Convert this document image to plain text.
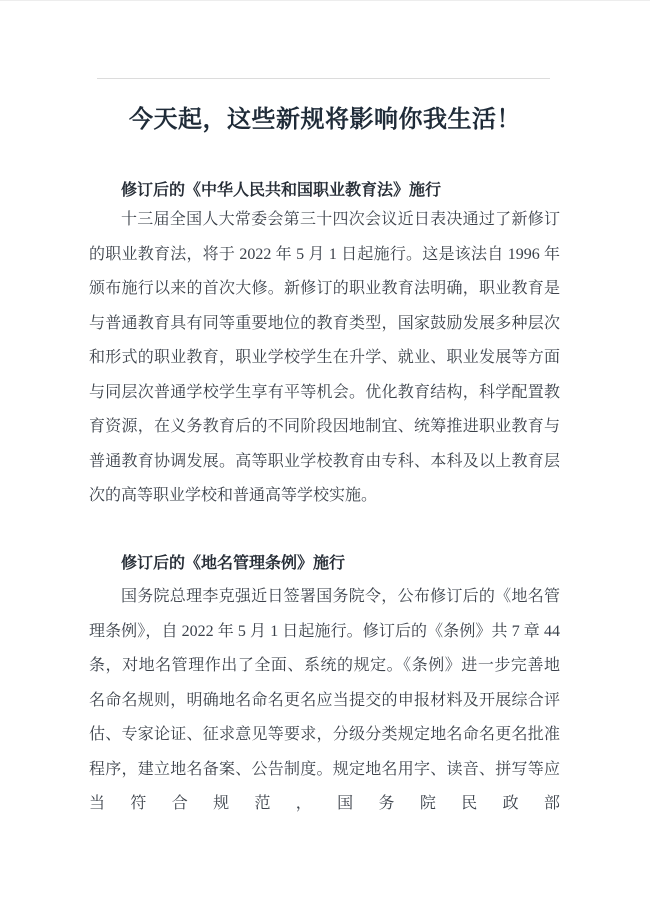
今天起，这些新规将影响你我生活！
修订后的《中华人民共和国职业教育法》施行

十三届全国人大常委会第三十四次会议近日表决通过了新修订的职业教育法，将于 2022 年 5 月 1 日起施行。这是该法自 1996 年颁布施行以来的首次大修。新修订的职业教育法明确，职业教育是与普通教育具有同等重要地位的教育类型，国家鼓励发展多种层次和形式的职业教育，职业学校学生在升学、就业、职业发展等方面与同层次普通学校学生享有平等机会。优化教育结构，科学配置教育资源，在义务教育后的不同阶段因地制宜、统筹推进职业教育与普通教育协调发展。高等职业学校教育由专科、本科及以上教育层次的高等职业学校和普通高等学校实施。

修订后的《地名管理条例》施行

国务院总理李克强近日签署国务院令，公布修订后的《地名管理条例》，自 2022 年 5 月 1 日起施行。修订后的《条例》共 7 章 44 条，对地名管理作出了全面、系统的规定。《条例》进一步完善地名命名规则，明确地名命名更名应当提交的申报材料及开展综合评估、专家论证、征求意见等要求，分级分类规定地名命名更名批准程序，建立地名备案、公告制度。规定地名用字、读音、拼写等应当符合规范，国务院民政部
